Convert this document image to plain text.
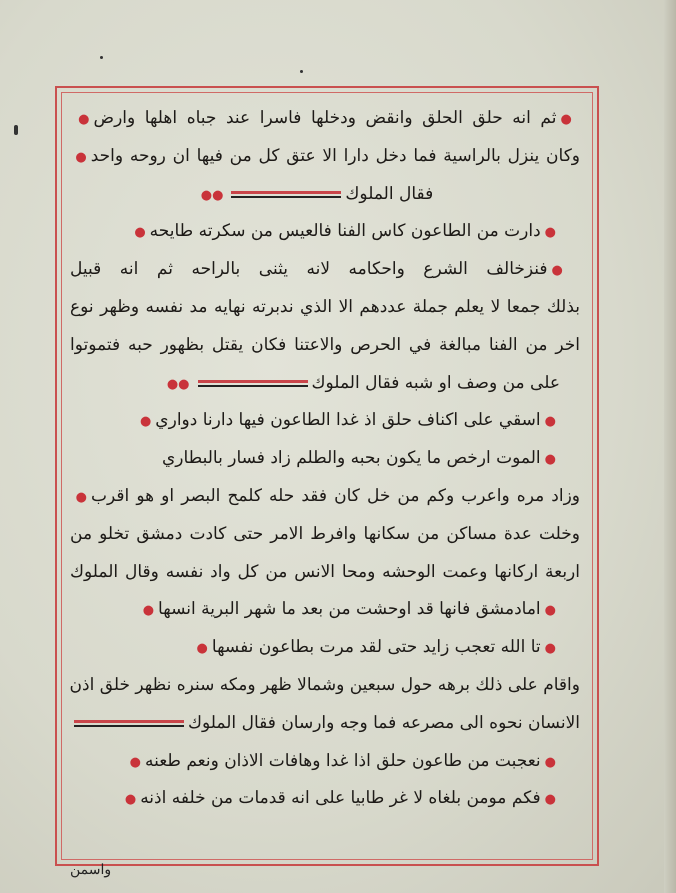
●ثم انه حلق الحلق وانقض ودخلها فاسرا عند جباه اهلها وارض●
وكان ينزل بالراسية فما دخل دارا الا عتق كل من فيها ان روحه واحد●
فقال الملوك●●
●دارت من الطاعون كاس الفنا فالعيس من سكرته طايحه●
●فنزخالف الشرع واحكامه لانه يثنى بالراحه ثم انه قبيل
بذلك جمعا لا يعلم جملة عددهم الا الذي ندبرته نهايه مد نفسه وظهر نوع
اخر من الفنا مبالغة في الحرص والاعتنا فكان يقتل بظهور حبه فتموتوا
على من وصف او شبه فقال الملوك●●
●اسقي على اكناف حلق اذ غدا الطاعون فيها دارنا دواري●
●الموت ارخص ما يكون بحبه والطلم زاد فسار بالبطاري
وزاد مره واعرب وكم من خل كان فقد حله كلمح البصر او هو اقرب●
وخلت عدة مساكن من سكانها وافرط الامر حتى كادت دمشق تخلو من
اربعة اركانها وعمت الوحشه ومحا الانس من كل واد نفسه وقال الملوك
●امادمشق فانها قد اوحشت من بعد ما شهر البرية انسها●
●تا الله تعجب زايد حتى لقد مرت بطاعون نفسها●
واقام على ذلك برهه حول سبعين وشمالا ظهر ومكه سنره نظهر خلق اذن
الانسان نحوه الى مصرعه فما وجه وارسان فقال الملوك
●نعجبت من طاعون حلق اذا غدا وهافات الاذان ونعم طعنه●
●فكم مومن بلغاه لا غر طابيا على انه قدمات من خلفه اذنه●
واسمن
